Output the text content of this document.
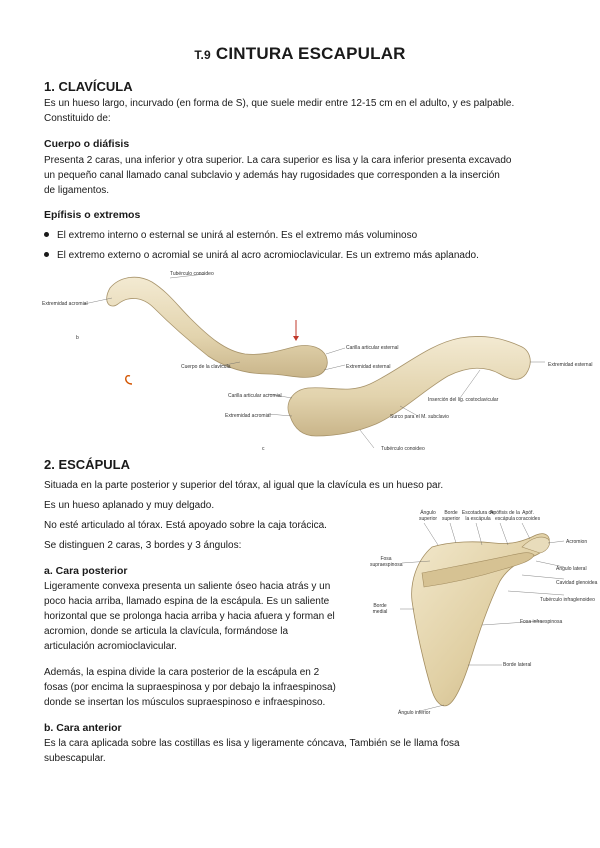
T.9 CINTURA ESCAPULAR
1. CLAVÍCULA
Es un hueso largo, incurvado (en forma de S), que suele medir entre 12-15 cm en el adulto, y es palpable.
Constituido de:
Cuerpo o diáfisis
Presenta 2 caras, una inferior y otra superior. La cara superior es lisa y la cara inferior presenta excavado
un pequeño canal llamado canal subclavio y además hay rugosidades que corresponden a la inserción
de ligamentos.
Epífisis o extremos
El extremo interno o esternal se unirá al esternón. Es el extremo más voluminoso
El extremo externo o acromial se unirá al acro acromioclavicular. Es un extremo más aplanado.
Tubérculo conoideo
Extremidad acromial
b
Carilla articular esternal
Cuerpo de la clavícula	Extremidad esternal	Extremidad esternal
Carilla articular acromial
Inserción del lig. costoclavicular
Extremidad acromial	Surco para el M. subclavio
Tubérculo conoideo
c
2. ESCÁPULA
Situada en la parte posterior y superior del tórax, al igual que la clavícula es un hueso par.
Es un hueso aplanado y muy delgado.
No esté articulado al tórax. Está apoyado sobre la caja torácica.
Se distinguen 2 caras, 3 bordes y 3 ángulos:
a. Cara posterior
Ligeramente convexa presenta un saliente óseo hacia atrás y un
poco hacia arriba, llamado espina de la escápula. Es un saliente
horizontal que se prolonga hacia arriba y hacia afuera y forman el
acromion, donde se articula la clavícula, formándose la
articulación acromioclavicular.
Además, la espina divide la cara posterior de la escápula en 2
fosas (por encima la supraespinosa y por debajo la infraespinosa)
donde se insertan los músculos supraespinoso e infraespinoso.
b. Cara anterior
Es la cara aplicada sobre las costillas es lisa y ligeramente cóncava, También se le llama fosa
subescapular.
Ángulo superior
Borde superior
Escotadura de la escápula
Apófisis de la escápula
Apóf. coracoides
Acromion
Fosa supraespinosa
Ángulo lateral
Cavidad glenoidea
Tubérculo infraglenoideo
Borde medial
Fosa infraespinosa
Borde lateral
Ángulo inferior
